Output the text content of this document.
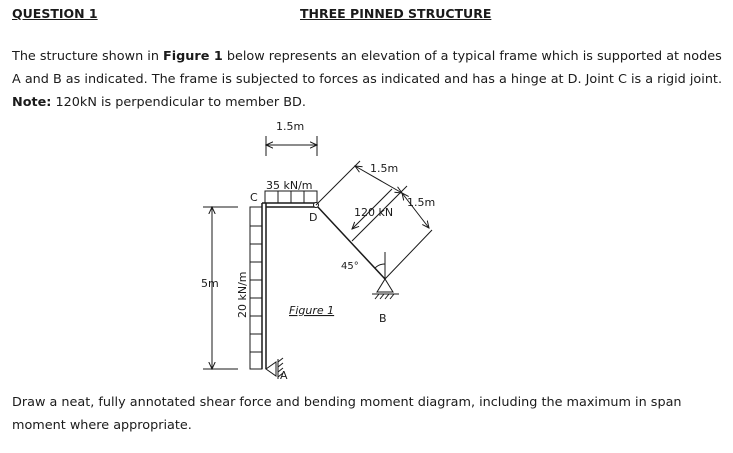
QUESTION 1	THREE PINNED STRUCTURE
The structure shown in Figure 1 below represents an elevation of a typical frame which is supported at nodes A and B as indicated. The frame is subjected to forces as indicated and has a hinge at D. Joint C is a rigid joint. Note: 120kN is perpendicular to member BD.
1.5m
35 kN/m
C
D
A
B
20 kN/m
5m
45°
120 kN
1.5m
1.5m
Figure 1
Draw a neat, fully annotated shear force and bending moment diagram, including the maximum in span moment where appropriate.
